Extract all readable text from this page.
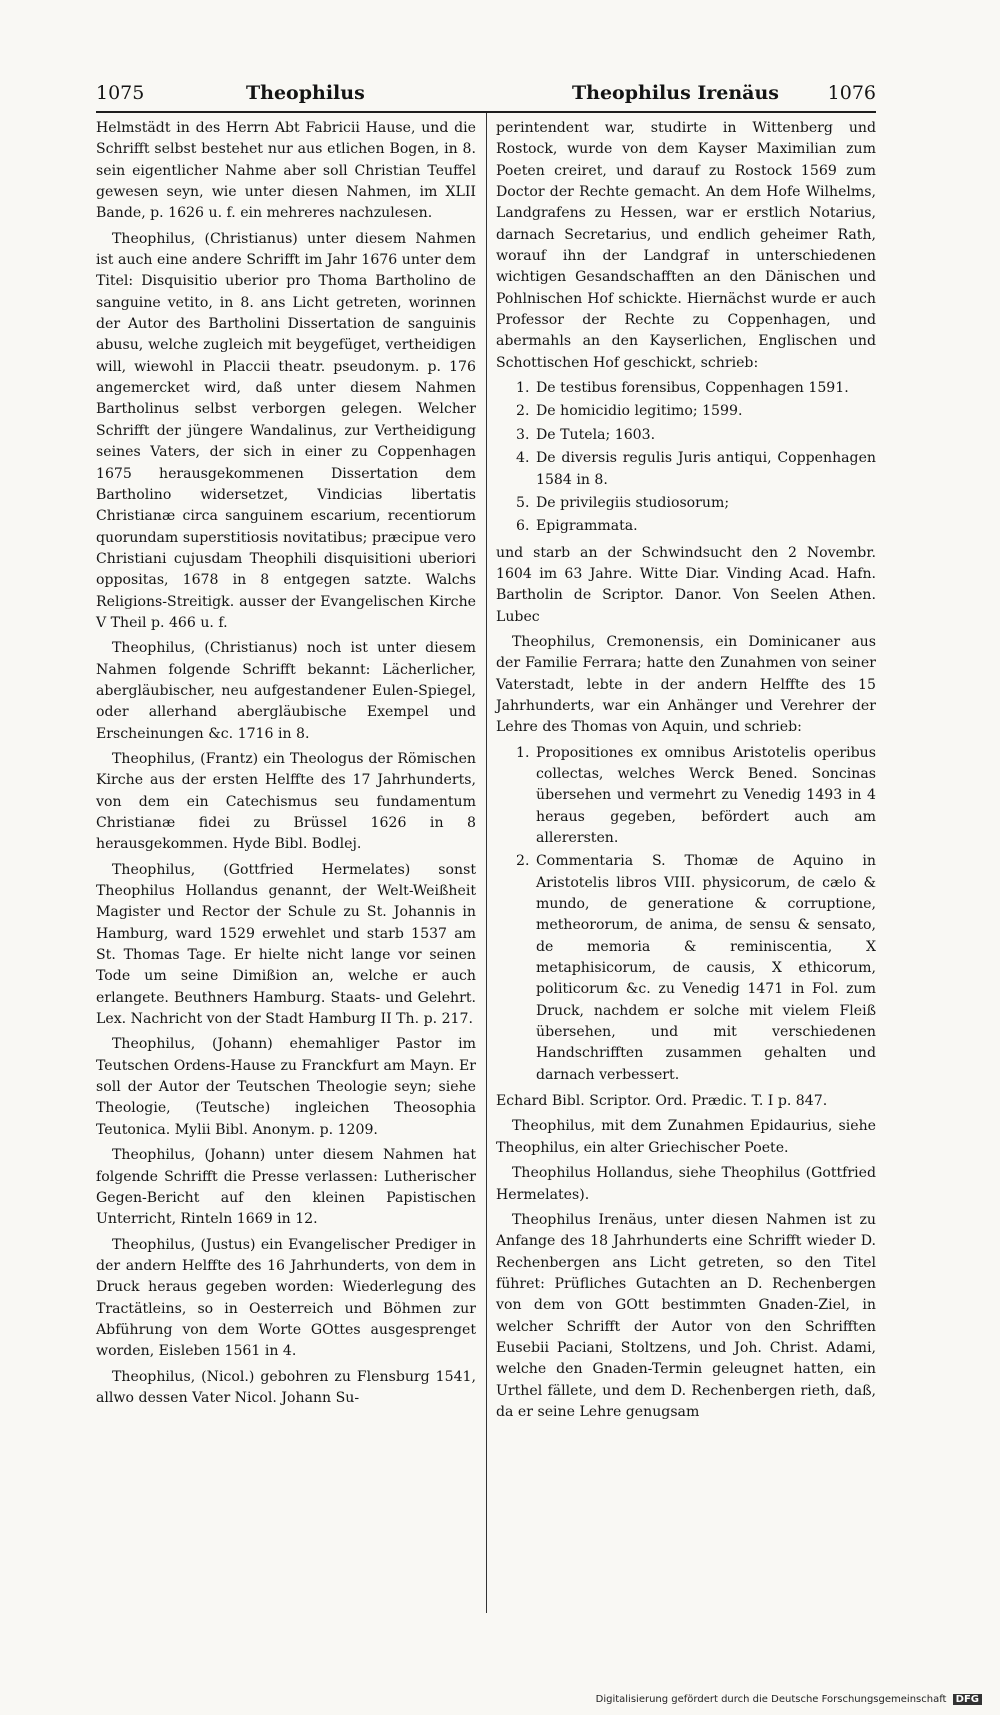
1075	Theophilus	Theophilus Irenäus	1076

Helmstädt in des Herrn Abt Fabricii Hause, und die Schrifft selbst bestehet nur aus etlichen Bogen, in 8. sein eigentlicher Nahme aber soll Christian Teuffel gewesen seyn, wie unter diesen Nahmen, im XLII Bande, p. 1626 u. f. ein mehreres nachzulesen.

Theophilus, (Christianus) unter diesem Nahmen ist auch eine andere Schrifft im Jahr 1676 unter dem Titel: Disquisitio uberior pro Thoma Bartholino de sanguine vetito, in 8. ans Licht getreten, worinnen der Autor des Bartholini Dissertation de sanguinis abusu, welche zugleich mit beygefüget, vertheidigen will, wiewohl in Placcii theatr. pseudonym. p. 176 angemercket wird, daß unter diesem Nahmen Bartholinus selbst verborgen gelegen. Welcher Schrifft der jüngere Wandalinus, zur Vertheidigung seines Vaters, der sich in einer zu Coppenhagen 1675 herausgekommenen Dissertation dem Bartholino widersetzet, Vindicias libertatis Christianæ circa sanguinem escarium, recentiorum quorundam superstitiosis novitatibus; præcipue vero Christiani cujusdam Theophili disquisitioni uberiori oppositas, 1678 in 8 entgegen satzte. Walchs Religions-Streitigk. ausser der Evangelischen Kirche V Theil p. 466 u. f.

Theophilus, (Christianus) noch ist unter diesem Nahmen folgende Schrifft bekannt: Lächerlicher, abergläubischer, neu aufgestandener Eulen-Spiegel, oder allerhand abergläubische Exempel und Erscheinungen &c. 1716 in 8.

Theophilus, (Frantz) ein Theologus der Römischen Kirche aus der ersten Helffte des 17 Jahrhunderts, von dem ein Catechismus seu fundamentum Christianæ fidei zu Brüssel 1626 in 8 herausgekommen. Hyde Bibl. Bodlej.

Theophilus, (Gottfried Hermelates) sonst Theophilus Hollandus genannt, der Welt-Weißheit Magister und Rector der Schule zu St. Johannis in Hamburg, ward 1529 erwehlet und starb 1537 am St. Thomas Tage. Er hielte nicht lange vor seinen Tode um seine Dimißion an, welche er auch erlangete. Beuthners Hamburg. Staats- und Gelehrt. Lex. Nachricht von der Stadt Hamburg II Th. p. 217.

Theophilus, (Johann) ehemahliger Pastor im Teutschen Ordens-Hause zu Franckfurt am Mayn. Er soll der Autor der Teutschen Theologie seyn; siehe Theologie, (Teutsche) ingleichen Theosophia Teutonica. Mylii Bibl. Anonym. p. 1209.

Theophilus, (Johann) unter diesem Nahmen hat folgende Schrifft die Presse verlassen: Lutherischer Gegen-Bericht auf den kleinen Papistischen Unterricht, Rinteln 1669 in 12.

Theophilus, (Justus) ein Evangelischer Prediger in der andern Helffte des 16 Jahrhunderts, von dem in Druck heraus gegeben worden: Wiederlegung des Tractätleins, so in Oesterreich und Böhmen zur Abführung von dem Worte GOttes ausgesprenget worden, Eisleben 1561 in 4.

Theophilus, (Nicol.) gebohren zu Flensburg 1541, allwo dessen Vater Nicol. Johann Su-

perintendent war, studirte in Wittenberg und Rostock, wurde von dem Kayser Maximilian zum Poeten creiret, und darauf zu Rostock 1569 zum Doctor der Rechte gemacht. An dem Hofe Wilhelms, Landgrafens zu Hessen, war er erstlich Notarius, darnach Secretarius, und endlich geheimer Rath, worauf ihn der Landgraf in unterschiedenen wichtigen Gesandschafften an den Dänischen und Pohlnischen Hof schickte. Hiernächst wurde er auch Professor der Rechte zu Coppenhagen, und abermahls an den Kayserlichen, Englischen und Schottischen Hof geschickt, schrieb:

1. De testibus forensibus, Coppenhagen 1591.
2. De homicidio legitimo; 1599.
3. De Tutela; 1603.
4. De diversis regulis Juris antiqui, Coppenhagen 1584 in 8.
5. De privilegiis studiosorum;
6. Epigrammata.

und starb an der Schwindsucht den 2 Novembr. 1604 im 63 Jahre. Witte Diar. Vinding Acad. Hafn. Bartholin de Scriptor. Danor. Von Seelen Athen. Lubec

Theophilus, Cremonensis, ein Dominicaner aus der Familie Ferrara; hatte den Zunahmen von seiner Vaterstadt, lebte in der andern Helffte des 15 Jahrhunderts, war ein Anhänger und Verehrer der Lehre des Thomas von Aquin, und schrieb:

1. Propositiones ex omnibus Aristotelis operibus collectas, welches Werck Bened. Soncinas übersehen und vermehrt zu Venedig 1493 in 4 heraus gegeben, befördert auch am allerersten.
2. Commentaria S. Thomæ de Aquino in Aristotelis libros VIII. physicorum, de cælo & mundo, de generatione & corruptione, metheororum, de anima, de sensu & sensato, de memoria & reminiscentia, X metaphisicorum, de causis, X ethicorum, politicorum &c. zu Venedig 1471 in Fol. zum Druck, nachdem er solche mit vielem Fleiß übersehen, und mit verschiedenen Handschrifften zusammen gehalten und darnach verbessert.

Echard Bibl. Scriptor. Ord. Prædic. T. I p. 847.

Theophilus, mit dem Zunahmen Epidaurius, siehe Theophilus, ein alter Griechischer Poete.

Theophilus Hollandus, siehe Theophilus (Gottfried Hermelates).

Theophilus Irenäus, unter diesen Nahmen ist zu Anfange des 18 Jahrhunderts eine Schrifft wieder D. Rechenbergen ans Licht getreten, so den Titel führet: Prüfliches Gutachten an D. Rechenbergen von dem von GOtt bestimmten Gnaden-Ziel, in welcher Schrifft der Autor von den Schrifften Eusebii Paciani, Stoltzens, und Joh. Christ. Adami, welche den Gnaden-Termin geleugnet hatten, ein Urthel fällete, und dem D. Rechenbergen rieth, daß, da er seine Lehre genugsam

Digitalisierung gefördert durch die Deutsche Forschungsgemeinschaft DFG
